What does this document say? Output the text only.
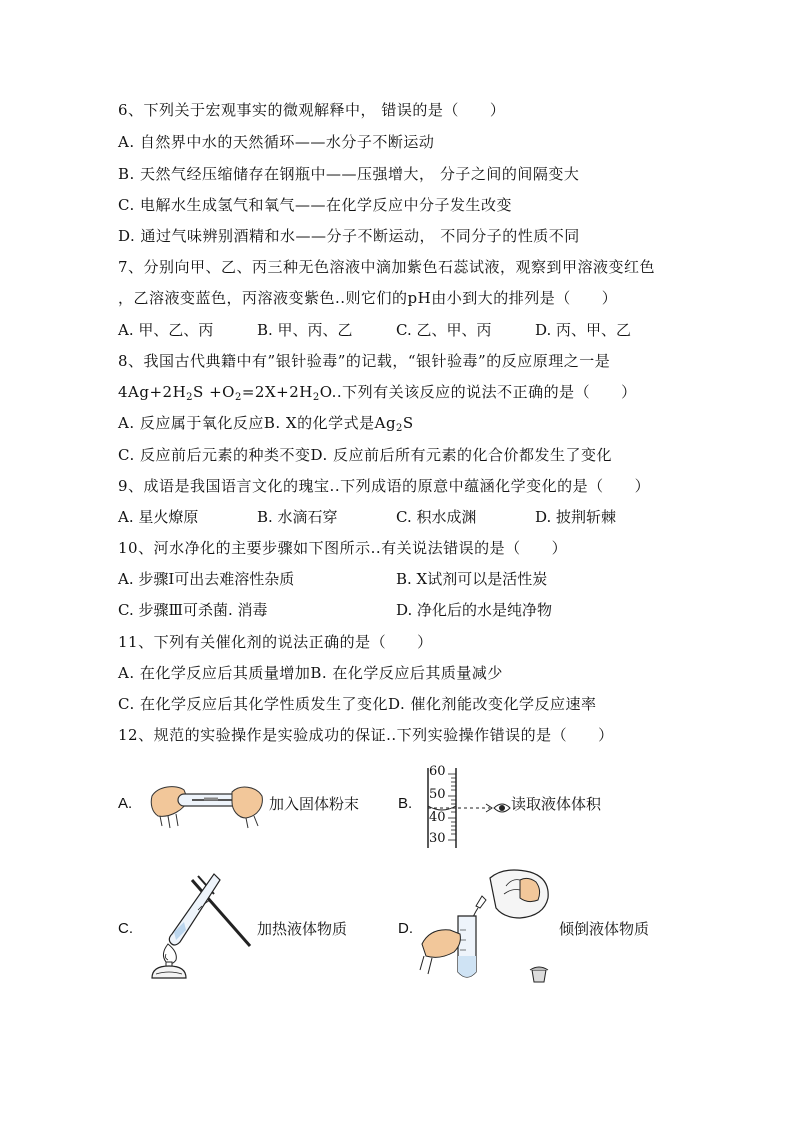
6、下列关于宏观事实的微观解释中， 错误的是（　　）
A. 自然界中水的天然循环——水分子不断运动
B. 天然气经压缩储存在钢瓶中——压强增大， 分子之间的间隔变大
C. 电解水生成氢气和氧气——在化学反应中分子发生改变
D. 通过气味辨别酒精和水——分子不断运动， 不同分子的性质不同
7、分别向甲、乙、丙三种无色溶液中滴加紫色石蕊试液，观察到甲溶液变红色
，乙溶液变蓝色，丙溶液变紫色..则它们的pH由小到大的排列是（　　）
A. 甲、乙、丙	B. 甲、丙、乙	C. 乙、甲、丙	D. 丙、甲、乙
8、我国古代典籍中有”银针验毒”的记载，“银针验毒”的反应原理之一是
$4Ag+2H_2S +O_2=2X+2H_2O$..下列有关该反应的说法不正确的是（　　）
A. 反应属于氧化反应B. X的化学式是$Ag_2S$
C. 反应前后元素的种类不变D. 反应前后所有元素的化合价都发生了变化
9、成语是我国语言文化的瑰宝..下列成语的原意中蕴涵化学变化的是（　　）
A. 星火燎原	B. 水滴石穿	C. 积水成渊	D. 披荆斩棘
10、河水净化的主要步骤如下图所示..有关说法错误的是（　　）
A. 步骤Ⅰ可出去难溶性杂质	B. X试剂可以是活性炭
C. 步骤Ⅲ可杀菌. 消毒	D. 净化后的水是纯净物
11、下列有关催化剂的说法正确的是（　　）
A. 在化学反应后其质量增加B. 在化学反应后其质量减少
C. 在化学反应后其化学性质发生了变化D. 催化剂能改变化学反应速率
12、规范的实验操作是实验成功的保证..下列实验操作错误的是（　　）
A.	加入固体粉末	B.
60
50
40
30
读取液体体积
C.	加热液体物质	D.	倾倒液体物质
